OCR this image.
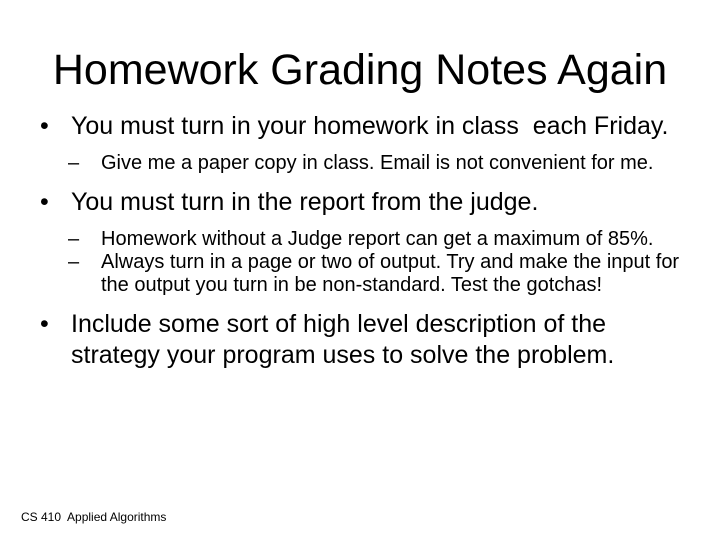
Homework Grading Notes Again
• You must turn in your homework in class  each Friday.
– Give me a paper copy in class. Email is not convenient for me.
• You must turn in the report from the judge.
– Homework without a Judge report can get a maximum of 85%.
– Always turn in a page or two of output. Try and make the input for the output you turn in be non-standard. Test the gotchas!
• Include some sort of high level description of the strategy your program uses to solve the problem.
CS 410  Applied Algorithms
